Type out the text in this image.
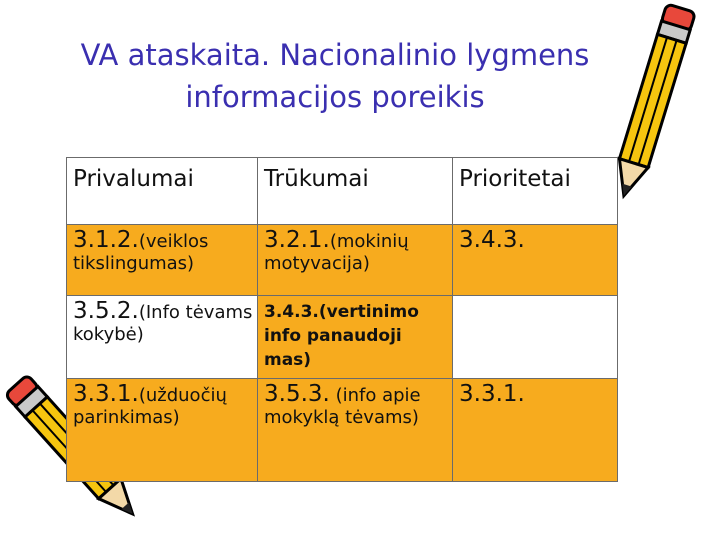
VA ataskaita. Nacionalinio lygmens
informacijos poreikis
Privalumai	Trūkumai	Prioritetai
3.1.2.(veiklos tikslingumas)	3.2.1.(mokinių motyvacija)	3.4.3.
3.5.2.(Info tėvams kokybė)	3.4.3.(vertinimo info panaudoji mas)	
3.3.1.(užduočių parinkimas)	3.5.3. (info apie mokyklą tėvams)	3.3.1.
